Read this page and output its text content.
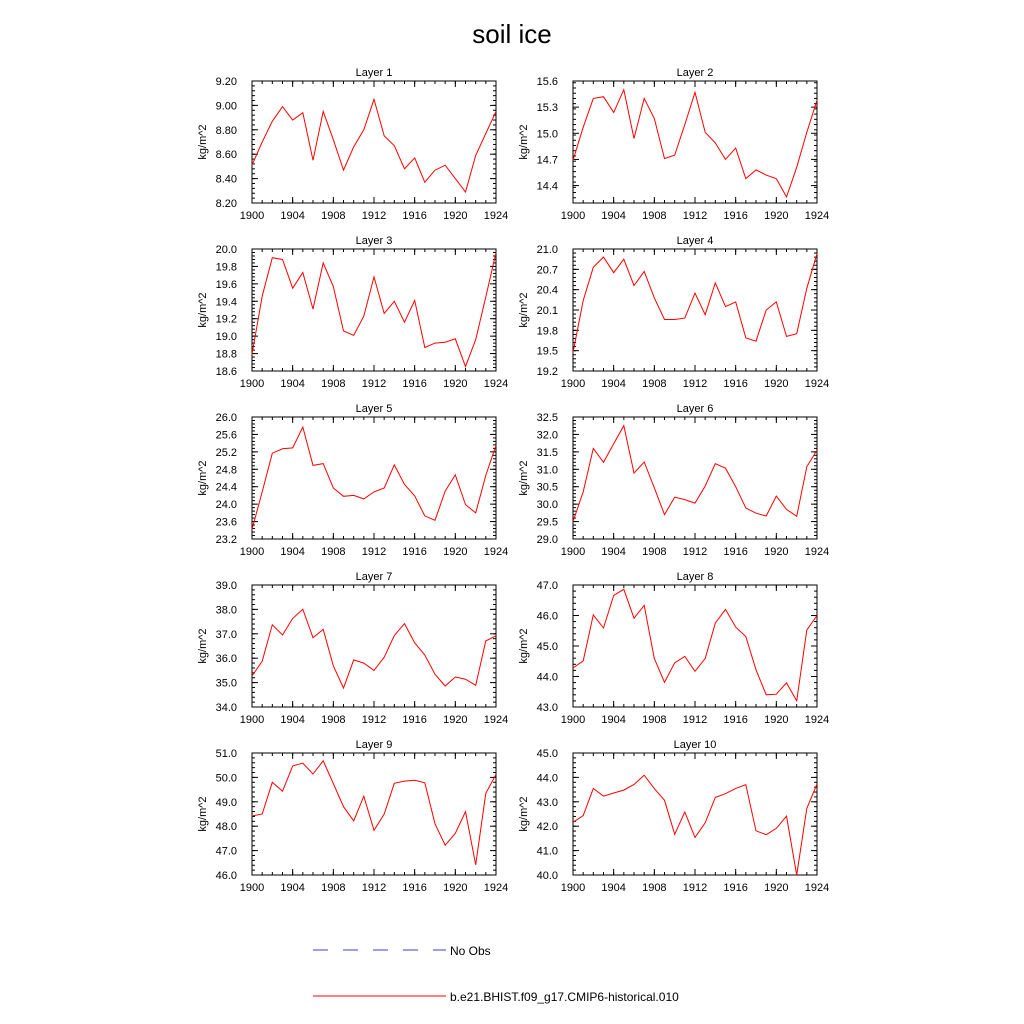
soil ice
Layer 1
kg/m^2
1900 1904 1908 1912 1916 1920 1924
8.20
8.40
8.60
8.80
9.00
9.20
Layer 2
kg/m^2
1900 1904 1908 1912 1916 1920 1924
14.4
14.7
15.0
15.3
15.6
Layer 3
kg/m^2
1900 1904 1908 1912 1916 1920 1924
18.6
18.8
19.0
19.2
19.4
19.6
19.8
20.0
Layer 4
kg/m^2
1900 1904 1908 1912 1916 1920 1924
19.2
19.5
19.8
20.1
20.4
20.7
21.0
Layer 5
kg/m^2
1900 1904 1908 1912 1916 1920 1924
23.2
23.6
24.0
24.4
24.8
25.2
25.6
26.0
Layer 6
kg/m^2
1900 1904 1908 1912 1916 1920 1924
29.0
29.5
30.0
30.5
31.0
31.5
32.0
32.5
Layer 7
kg/m^2
1900 1904 1908 1912 1916 1920 1924
34.0
35.0
36.0
37.0
38.0
39.0
Layer 8
kg/m^2
1900 1904 1908 1912 1916 1920 1924
43.0
44.0
45.0
46.0
47.0
Layer 9
kg/m^2
1900 1904 1908 1912 1916 1920 1924
46.0
47.0
48.0
49.0
50.0
51.0
Layer 10
kg/m^2
1900 1904 1908 1912 1916 1920 1924
40.0
41.0
42.0
43.0
44.0
45.0
No Obs
b.e21.BHIST.f09_g17.CMIP6-historical.010
